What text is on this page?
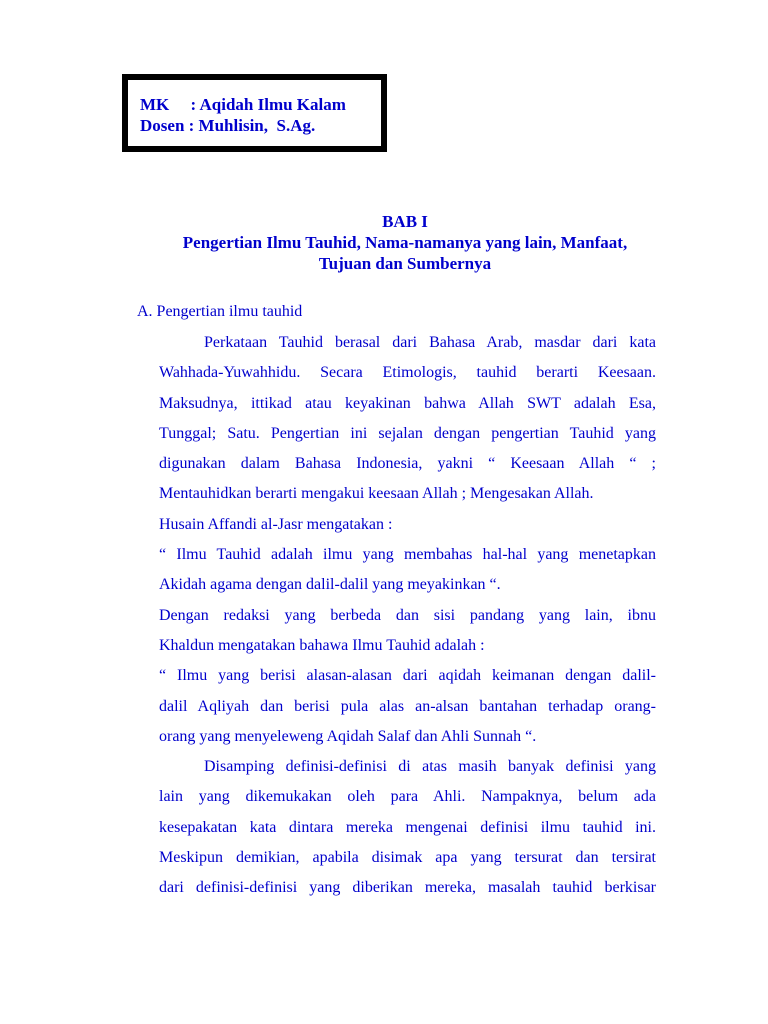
MK     : Aqidah Ilmu Kalam
Dosen : Muhlisin,  S.Ag.
BAB I
Pengertian Ilmu Tauhid, Nama-namanya yang lain, Manfaat,
Tujuan dan Sumbernya
A. Pengertian ilmu tauhid
Perkataan Tauhid berasal dari Bahasa Arab, masdar dari kata
Wahhada-Yuwahhidu. Secara Etimologis, tauhid berarti Keesaan.
Maksudnya, ittikad atau keyakinan bahwa Allah SWT adalah Esa,
Tunggal; Satu. Pengertian ini sejalan dengan pengertian Tauhid yang
digunakan dalam Bahasa Indonesia, yakni “ Keesaan Allah “ ;
Mentauhidkan berarti mengakui keesaan Allah ; Mengesakan Allah.
Husain Affandi al-Jasr mengatakan :
“ Ilmu Tauhid adalah ilmu yang membahas hal-hal yang menetapkan
Akidah agama dengan dalil-dalil yang meyakinkan “.
Dengan redaksi yang berbeda dan sisi pandang yang lain, ibnu
Khaldun mengatakan bahawa Ilmu Tauhid adalah :
“ Ilmu yang berisi alasan-alasan dari aqidah keimanan dengan dalil-
dalil Aqliyah dan berisi pula alas an-alsan bantahan terhadap orang-
orang yang menyeleweng Aqidah Salaf dan Ahli Sunnah “.
Disamping definisi-definisi di atas masih banyak definisi yang
lain yang dikemukakan oleh para Ahli. Nampaknya, belum ada
kesepakatan kata dintara mereka mengenai definisi ilmu tauhid ini.
Meskipun demikian, apabila disimak apa yang tersurat dan tersirat
dari definisi-definisi yang diberikan mereka, masalah tauhid berkisar
